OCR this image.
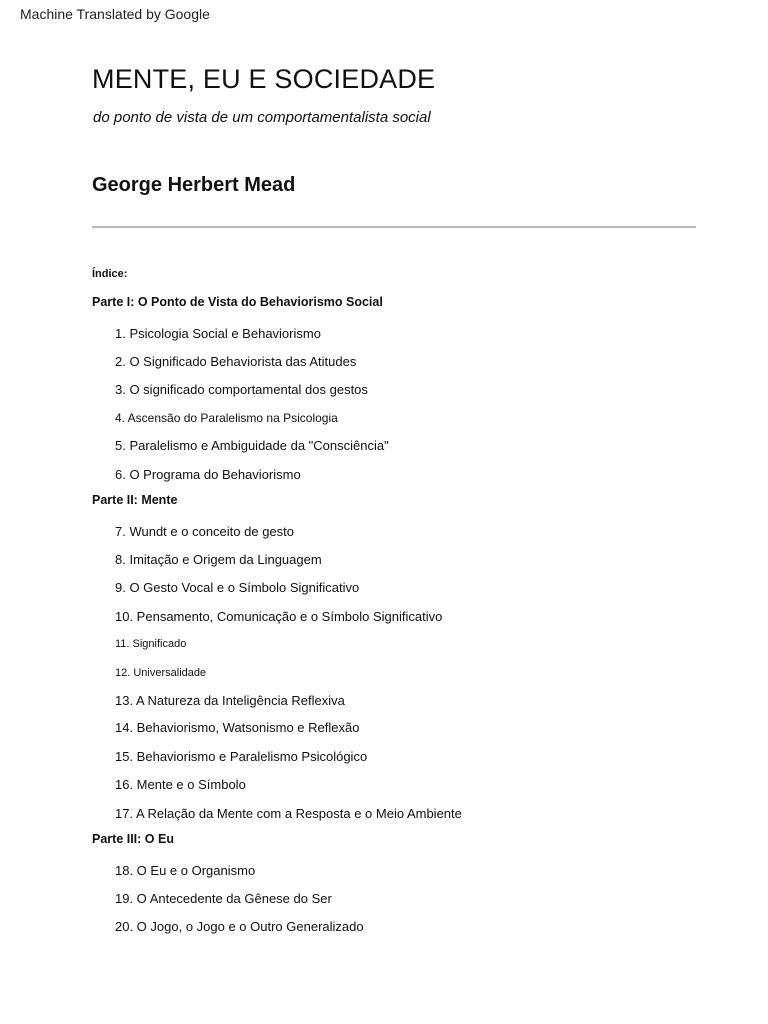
Machine Translated by Google
MENTE, EU E SOCIEDADE
do ponto de vista de um comportamentalista social
George Herbert Mead
Índice:
Parte I: O Ponto de Vista do Behaviorismo Social
1. Psicologia Social e Behaviorismo
2. O Significado Behaviorista das Atitudes
3. O significado comportamental dos gestos
4. Ascensão do Paralelismo na Psicologia
5. Paralelismo e Ambiguidade da "Consciência"
6. O Programa do Behaviorismo
Parte II: Mente
7. Wundt e o conceito de gesto
8. Imitação e Origem da Linguagem
9. O Gesto Vocal e o Símbolo Significativo
10. Pensamento, Comunicação e o Símbolo Significativo
11. Significado
12. Universalidade
13. A Natureza da Inteligência Reflexiva
14. Behaviorismo, Watsonismo e Reflexão
15. Behaviorismo e Paralelismo Psicológico
16. Mente e o Símbolo
17. A Relação da Mente com a Resposta e o Meio Ambiente
Parte III: O Eu
18. O Eu e o Organismo
19. O Antecedente da Gênese do Ser
20. O Jogo, o Jogo e o Outro Generalizado
